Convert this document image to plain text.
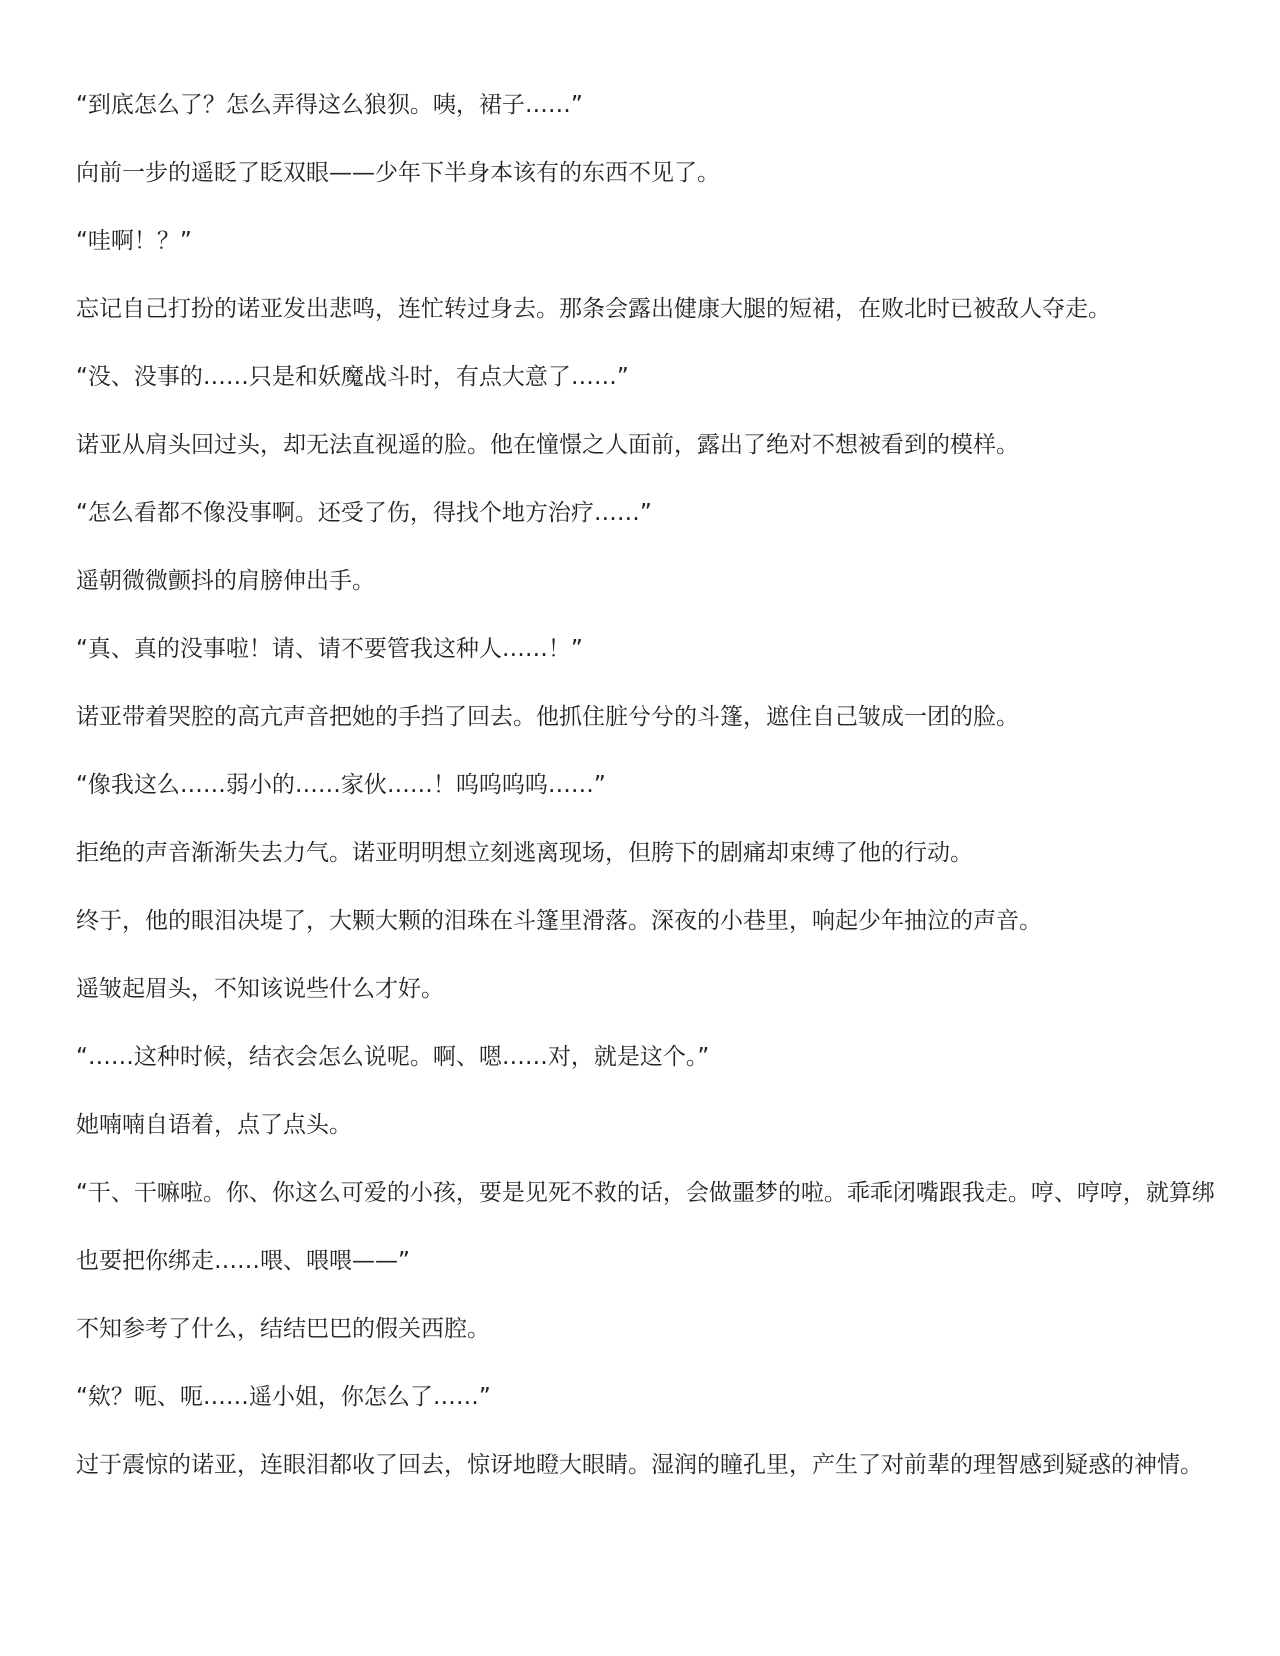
“到底怎么了？怎么弄得这么狼狈。咦，裙子……”

向前一步的遥眨了眨双眼——少年下半身本该有的东西不见了。

“哇啊！？”

忘记自己打扮的诺亚发出悲鸣，连忙转过身去。那条会露出健康大腿的短裙，在败北时已被敌人夺走。

“没、没事的……只是和妖魔战斗时，有点大意了……”

诺亚从肩头回过头，却无法直视遥的脸。他在憧憬之人面前，露出了绝对不想被看到的模样。

“怎么看都不像没事啊。还受了伤，得找个地方治疗……”

遥朝微微颤抖的肩膀伸出手。

“真、真的没事啦！请、请不要管我这种人……！”

诺亚带着哭腔的高亢声音把她的手挡了回去。他抓住脏兮兮的斗篷，遮住自己皱成一团的脸。

“像我这么……弱小的……家伙……！呜呜呜呜……”

拒绝的声音渐渐失去力气。诺亚明明想立刻逃离现场，但胯下的剧痛却束缚了他的行动。

终于，他的眼泪决堤了，大颗大颗的泪珠在斗篷里滑落。深夜的小巷里，响起少年抽泣的声音。

遥皱起眉头，不知该说些什么才好。

“……这种时候，结衣会怎么说呢。啊、嗯……对，就是这个。”

她喃喃自语着，点了点头。

“干、干嘛啦。你、你这么可爱的小孩，要是见死不救的话，会做噩梦的啦。乖乖闭嘴跟我走。哼、哼哼，就算绑也要把你绑走……喂、喂喂——”

不知参考了什么，结结巴巴的假关西腔。

“欸？呃、呃……遥小姐，你怎么了……”

过于震惊的诺亚，连眼泪都收了回去，惊讶地瞪大眼睛。湿润的瞳孔里，产生了对前辈的理智感到疑惑的神情。
